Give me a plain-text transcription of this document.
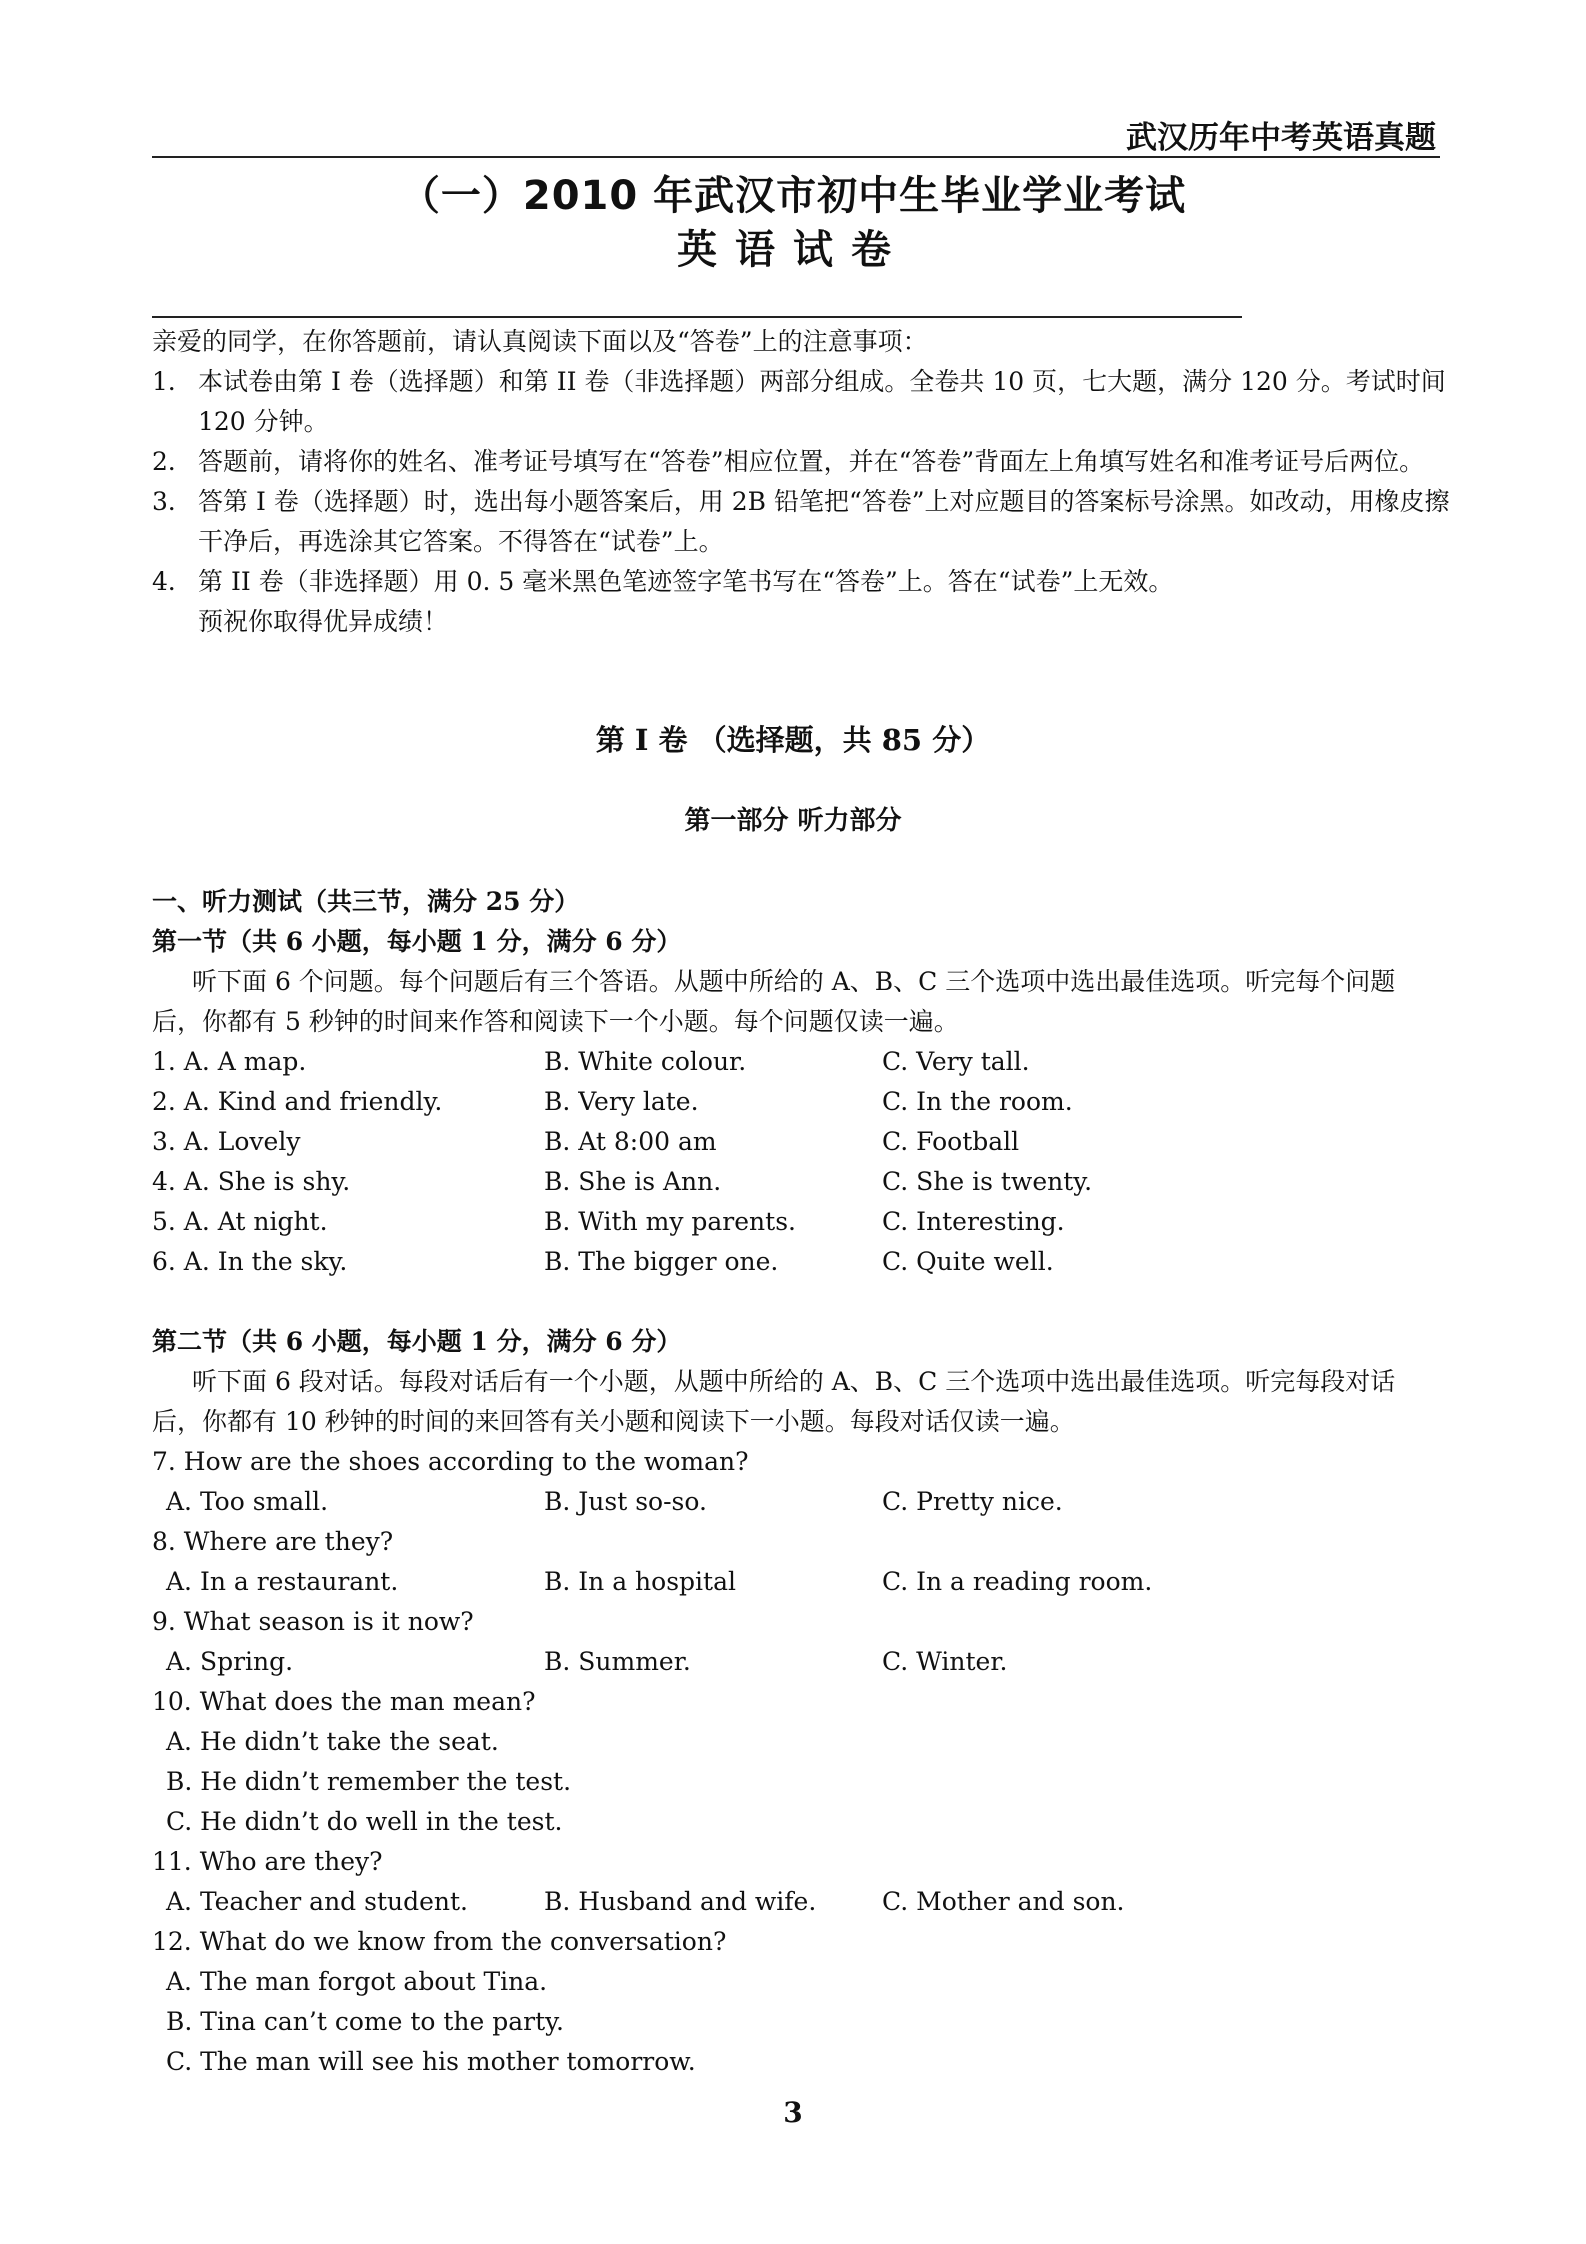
武汉历年中考英语真题
（一）2010 年武汉市初中生毕业学业考试
英语试卷
亲爱的同学，在你答题前，请认真阅读下面以及“答卷”上的注意事项：
1． 本试卷由第 I 卷（选择题）和第 II 卷（非选择题）两部分组成。全卷共 10 页，七大题，满分 120 分。考试时间 120 分钟。
2． 答题前，请将你的姓名、准考证号填写在“答卷”相应位置，并在“答卷”背面左上角填写姓名和准考证号后两位。
3． 答第 I 卷（选择题）时，选出每小题答案后，用 2B 铅笔把“答卷”上对应题目的答案标号涂黑。如改动，用橡皮擦干净后，再选涂其它答案。不得答在“试卷”上。
4． 第 II 卷（非选择题）用 0. 5 毫米黑色笔迹签字笔书写在“答卷”上。答在“试卷”上无效。
预祝你取得优异成绩！
第 I 卷 （选择题，共 85 分）
第一部分 听力部分
一、听力测试（共三节，满分 25 分）
第一节（共 6 小题，每小题 1 分，满分 6 分）
听下面 6 个问题。每个问题后有三个答语。从题中所给的 A、B、C 三个选项中选出最佳选项。听完每个问题后，你都有 5 秒钟的时间来作答和阅读下一个小题。每个问题仅读一遍。
1. A. A map.	B. White colour.	C. Very tall.
2. A. Kind and friendly.	B. Very late.	C. In the room.
3. A. Lovely	B. At 8:00 am	C. Football
4. A. She is shy.	B. She is Ann.	C. She is twenty.
5. A. At night.	B. With my parents.	C. Interesting.
6. A. In the sky.	B. The bigger one.	C. Quite well.
第二节（共 6 小题，每小题 1 分，满分 6 分）
听下面 6 段对话。每段对话后有一个小题，从题中所给的 A、B、C 三个选项中选出最佳选项。听完每段对话后，你都有 10 秒钟的时间的来回答有关小题和阅读下一小题。每段对话仅读一遍。
7. How are the shoes according to the woman?
A. Too small.	B. Just so-so.	C. Pretty nice.
8. Where are they?
A. In a restaurant.	B. In a hospital	C. In a reading room.
9. What season is it now?
A. Spring.	B. Summer.	C. Winter.
10. What does the man mean?
A. He didn’t take the seat.
B. He didn’t remember the test.
C. He didn’t do well in the test.
11. Who are they?
A. Teacher and student.	B. Husband and wife.	C. Mother and son.
12. What do we know from the conversation?
A. The man forgot about Tina.
B. Tina can’t come to the party.
C. The man will see his mother tomorrow.
3
